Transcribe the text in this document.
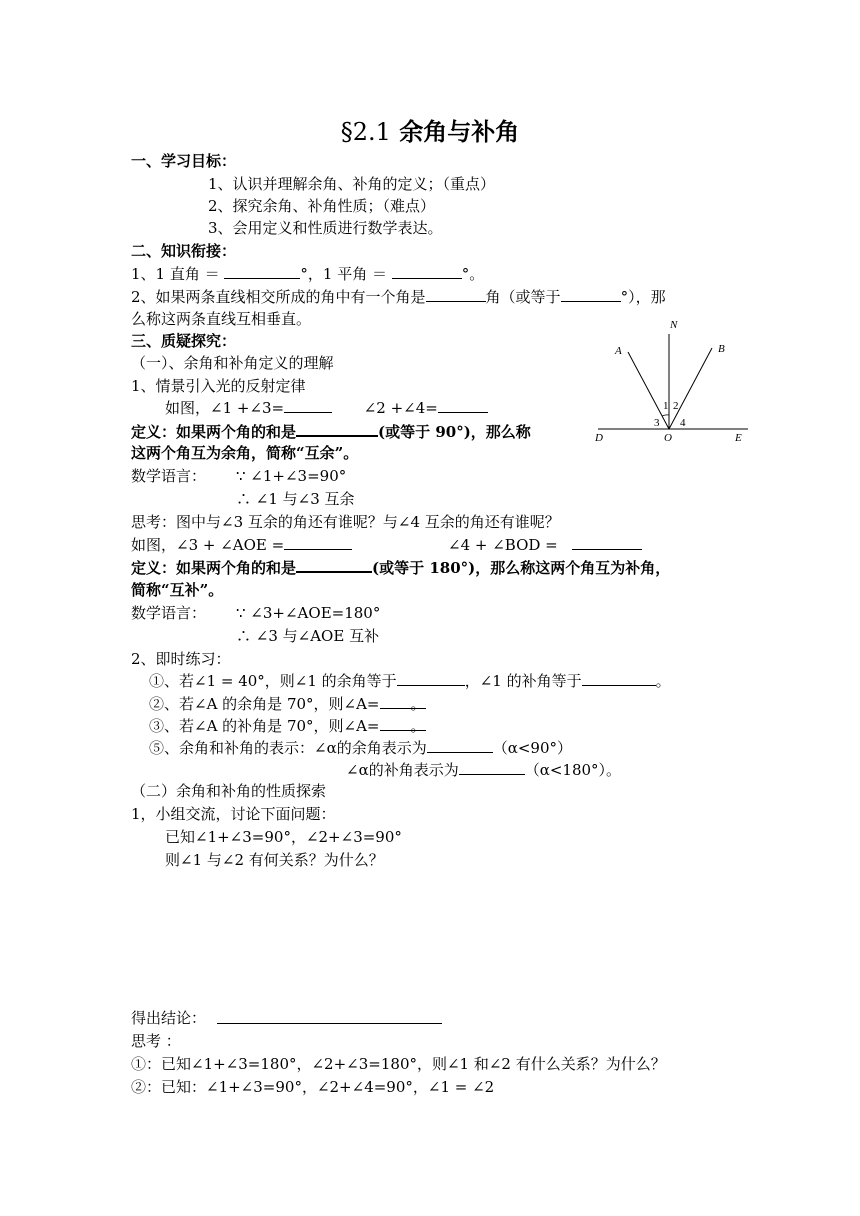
§2.1 余角与补角
一、学习目标：
1、认识并理解余角、补角的定义；（重点）
2、探究余角、补角性质；（难点）
3、会用定义和性质进行数学表达。
二、知识衔接：
1、1 直角 ＝	°，1 平角 ＝	°。
2、如果两条直线相交所成的角中有一个角是	角（或等于	°），那
么称这两条直线互相垂直。
三、质疑探究：
（一）、余角和补角定义的理解
1、情景引入光的反射定律
如图，∠1 +∠3=	∠2 +∠4=
定义：如果两个角的和是	(或等于 90°)，那么称
这两个角互为余角，简称“互余”。
数学语言： ∵ ∠1+∠3=90°
∴ ∠1 与∠3 互余
思考：图中与∠3 互余的角还有谁呢？与∠4 互余的角还有谁呢？
如图，∠3 + ∠AOE =	∠4 + ∠BOD =
定义：如果两个角的和是	(或等于 180°)，那么称这两个角互为补角，
简称“互补”。
数学语言： ∵ ∠3+∠AOE=180°
∴ ∠3 与∠AOE 互补
2、即时练习：
①、若∠1 = 40°，则∠1 的余角等于	，∠1 的补角等于	。
②、若∠A 的余角是 70°，则∠A= 。
③、若∠A 的补角是 70°，则∠A= 。
⑤、余角和补角的表示：∠α的余角表示为	（α<90°）
∠α的补角表示为	（α<180°）。
（二）余角和补角的性质探索
1，小组交流，讨论下面问题：
已知∠1+∠3=90°，∠2+∠3=90°
则∠1 与∠2 有何关系？为什么？
得出结论：
思考 ：
①：已知∠1+∠3=180°，∠2+∠3=180°，则∠1 和∠2 有什么关系？为什么？
②：已知：∠1+∠3=90°，∠2+∠4=90°，∠1 = ∠2
N
A	B
D	O	E
1 2
3 4
